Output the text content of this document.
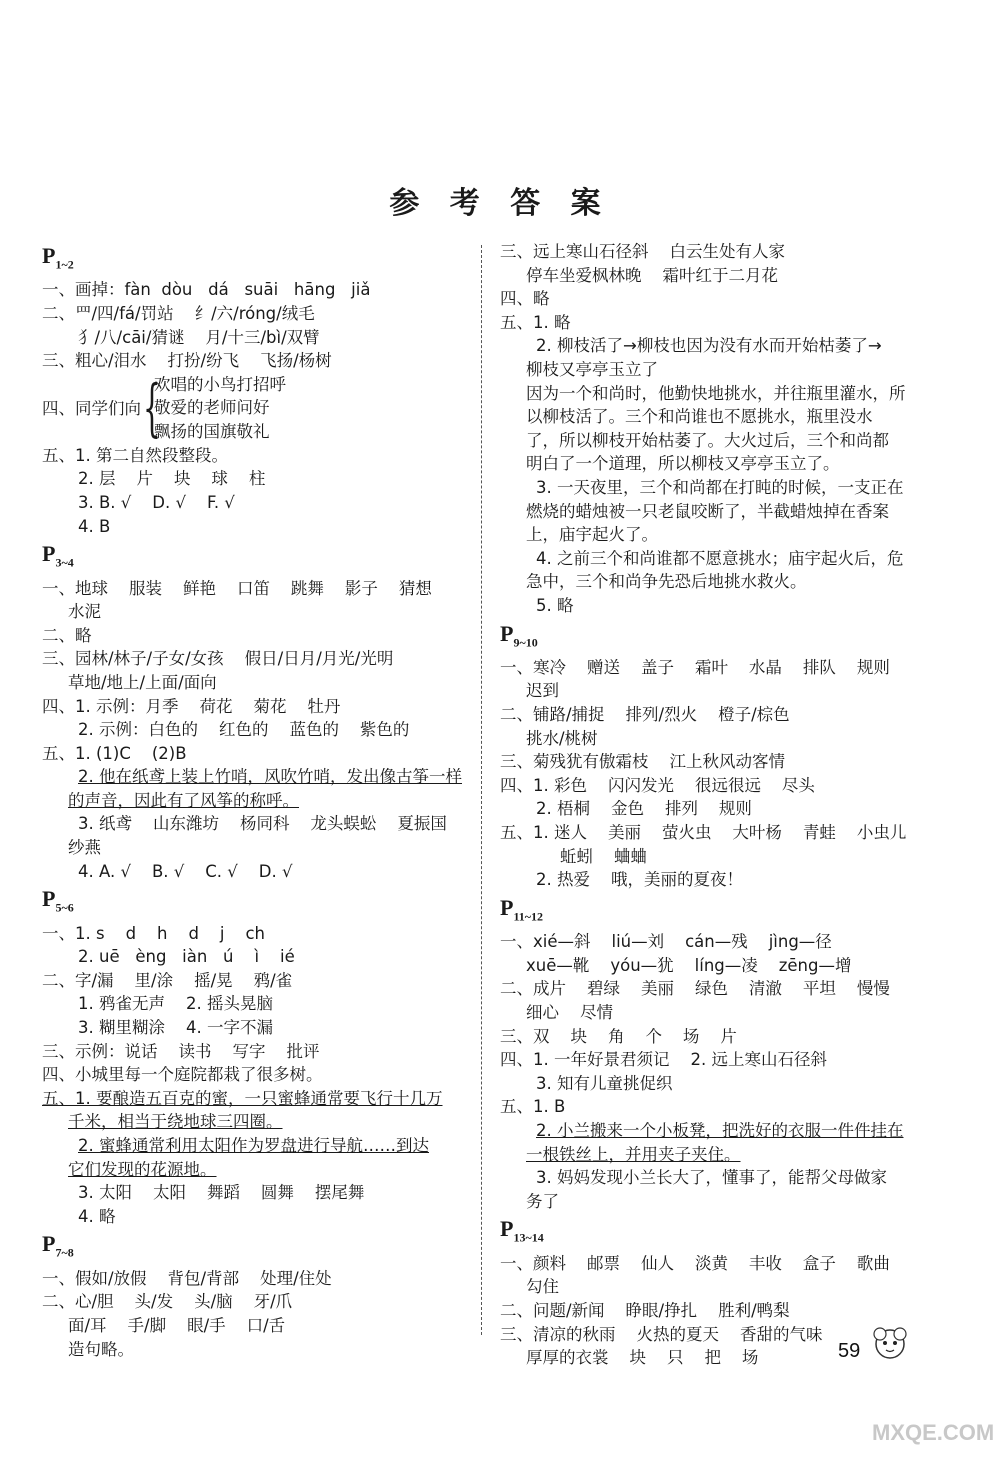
参 考 答 案
$P_{1\sim 2}$
一、画掉：fàn  dòu   dá   suāi   hāng   jiǎ
二、罒/四/fá/罚站    纟/六/róng/绒毛
犭/八/cāi/猜谜    月/十三/bì/双臂
三、粗心/泪水    打扮/纷飞    飞扬/杨树
四、同学们向 {
欢唱的小鸟打招呼
敬爱的老师问好
飘扬的国旗敬礼
五、1. 第二自然段整段。
2. 层    片    块    球    柱
3. B. √    D. √    F. √
4. B
$P_{3\sim 4}$
一、地球    服装    鲜艳    口笛    跳舞    影子    猜想
水泥
二、略
三、园林/林子/子女/女孩    假日/日月/月光/光明
草地/地上/上面/面向
四、1. 示例：月季    荷花    菊花    牡丹
2. 示例：白色的    红色的    蓝色的    紫色的
五、1. (1)C    (2)B
2. 他在纸鸢上装上竹哨，风吹竹哨，发出像古筝一样
的声音，因此有了风筝的称呼。
3. 纸鸢    山东潍坊    杨同科    龙头蜈蚣    夏振国
纱燕
4. A. √    B. √    C. √    D. √
$P_{5\sim 6}$
一、1. s    d    h    d    j    ch
2. uē   èng   iàn   ú    ì    ié
二、字/漏    里/涂    摇/晃    鸦/雀
1. 鸦雀无声    2. 摇头晃脑
3. 糊里糊涂    4. 一字不漏
三、示例：说话    读书    写字    批评
四、小城里每一个庭院都栽了很多树。
五、1. 要酿造五百克的蜜，一只蜜蜂通常要飞行十几万
千米，相当于绕地球三四圈。
2. 蜜蜂通常利用太阳作为罗盘进行导航……到达
它们发现的花源地。
3. 太阳    太阳    舞蹈    圆舞    摆尾舞
4. 略
$P_{7\sim 8}$
一、假如/放假    背包/背部    处理/住处
二、心/胆    头/发    头/脑    牙/爪
面/耳    手/脚    眼/手    口/舌
造句略。
三、远上寒山石径斜    白云生处有人家
停车坐爱枫林晚    霜叶红于二月花
四、略
五、1. 略
2. 柳枝活了→柳枝也因为没有水而开始枯萎了→
柳枝又亭亭玉立了
因为一个和尚时，他勤快地挑水，并往瓶里灌水，所
以柳枝活了。三个和尚谁也不愿挑水，瓶里没水
了，所以柳枝开始枯萎了。大火过后，三个和尚都
明白了一个道理，所以柳枝又亭亭玉立了。
3. 一天夜里，三个和尚都在打盹的时候，一支正在
燃烧的蜡烛被一只老鼠咬断了，半截蜡烛掉在香案
上，庙宇起火了。
4. 之前三个和尚谁都不愿意挑水；庙宇起火后，危
急中，三个和尚争先恐后地挑水救火。
5. 略
$P_{9\sim 10}$
一、寒冷    赠送    盖子    霜叶    水晶    排队    规则
迟到
二、铺路/捕捉    排列/烈火    橙子/棕色
挑水/桃树
三、菊残犹有傲霜枝    江上秋风动客情
四、1. 彩色    闪闪发光    很远很远    尽头
2. 梧桐    金色    排列    规则
五、1. 迷人    美丽    萤火虫    大叶杨    青蛙    小虫儿
蚯蚓    蛐蛐
2. 热爱    哦，美丽的夏夜！
$P_{11\sim 12}$
一、xié—斜    liú—刘    cán—残    jìng—径
xuē—靴    yóu—犹    líng—凌    zēng—增
二、成片    碧绿    美丽    绿色    清澈    平坦    慢慢
细心    尽情
三、双    块    角    个    场    片
四、1. 一年好景君须记    2. 远上寒山石径斜
3. 知有儿童挑促织
五、1. B
2. 小兰搬来一个小板凳，把洗好的衣服一件件挂在
一根铁丝上，并用夹子夹住。
3. 妈妈发现小兰长大了，懂事了，能帮父母做家
务了
$P_{13\sim 14}$
一、颜料    邮票    仙人    淡黄    丰收    盒子    歌曲
勾住
二、问题/新闻    睁眼/挣扎    胜利/鸭梨
三、清凉的秋雨    火热的夏天    香甜的气味
厚厚的衣裳    块    只    把    场	59
MXQE.COM
